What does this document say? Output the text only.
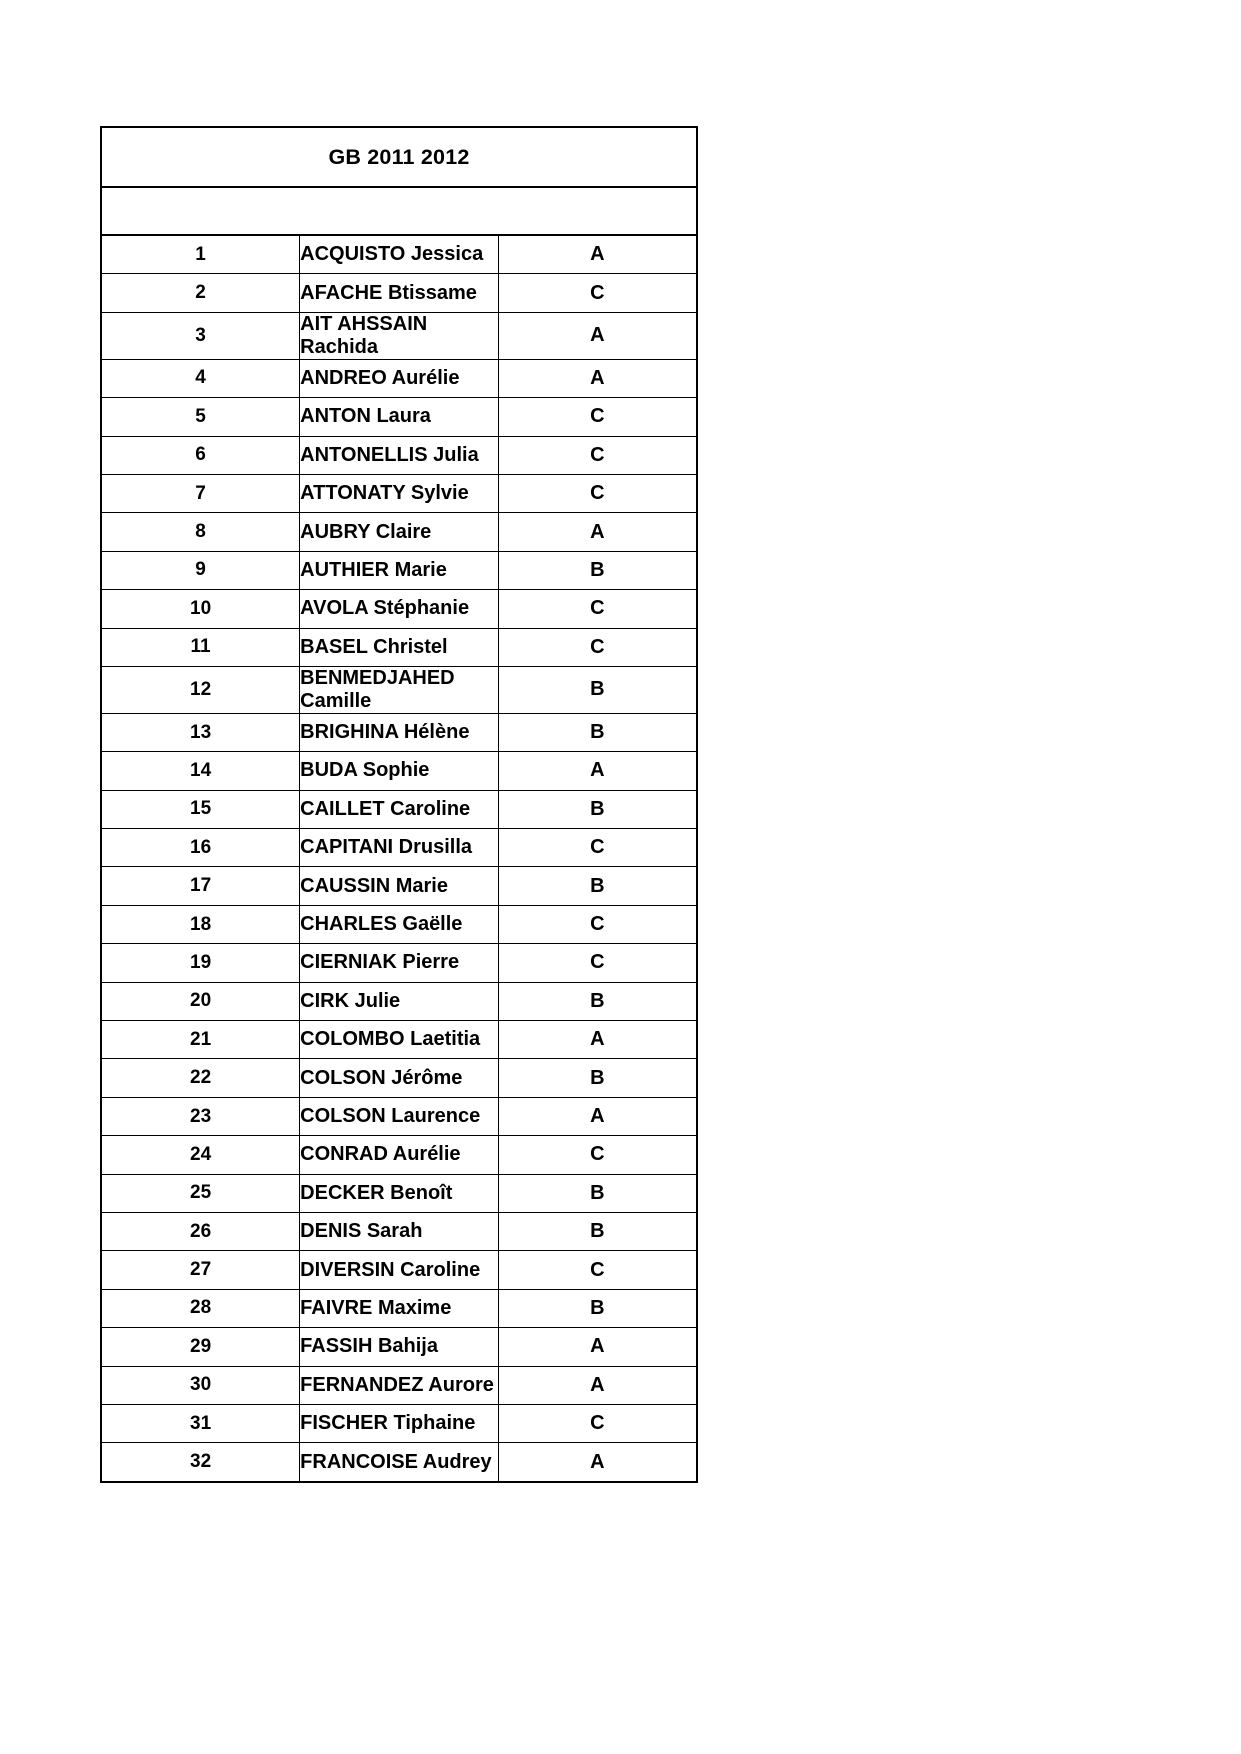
GB 2011 2012		

1	ACQUISTO Jessica	A
2	AFACHE Btissame	C
3	AIT AHSSAIN Rachida	A
4	ANDREO Aurélie	A
5	ANTON Laura	C
6	ANTONELLIS Julia	C
7	ATTONATY Sylvie	C
8	AUBRY Claire	A
9	AUTHIER Marie	B
10	AVOLA Stéphanie	C
11	BASEL Christel	C
12	BENMEDJAHED Camille	B
13	BRIGHINA Hélène	B
14	BUDA Sophie	A
15	CAILLET Caroline	B
16	CAPITANI Drusilla	C
17	CAUSSIN Marie	B
18	CHARLES Gaëlle	C
19	CIERNIAK Pierre	C
20	CIRK Julie	B
21	COLOMBO Laetitia	A
22	COLSON Jérôme	B
23	COLSON Laurence	A
24	CONRAD Aurélie	C
25	DECKER Benoît	B
26	DENIS Sarah	B
27	DIVERSIN Caroline	C
28	FAIVRE Maxime	B
29	FASSIH Bahija	A
30	FERNANDEZ Aurore	A
31	FISCHER Tiphaine	C
32	FRANCOISE Audrey	A
